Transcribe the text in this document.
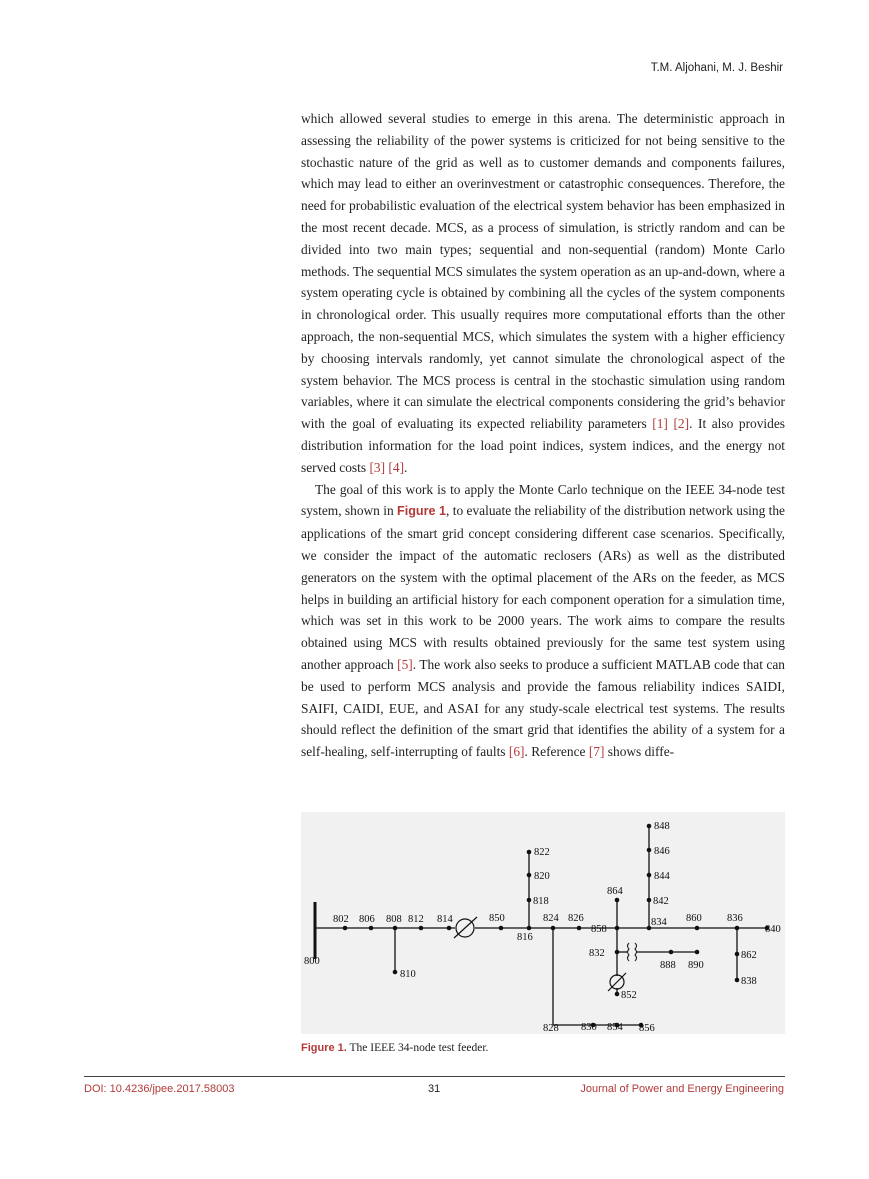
T.M. Aljohani, M. J. Beshir

which allowed several studies to emerge in this arena. The deterministic approach in assessing the reliability of the power systems is criticized for not being sensitive to the stochastic nature of the grid as well as to customer demands and components failures, which may lead to either an overinvestment or catastrophic consequences. Therefore, the need for probabilistic evaluation of the electrical system behavior has been emphasized in the most recent decade. MCS, as a process of simulation, is strictly random and can be divided into two main types; sequential and non-sequential (random) Monte Carlo methods. The sequential MCS simulates the system operation as an up-and-down, where a system operating cycle is obtained by combining all the cycles of the system components in chronological order. This usually requires more computational efforts than the other approach, the non-sequential MCS, which simulates the system with a higher efficiency by choosing intervals randomly, yet cannot simulate the chronological aspect of the system behavior. The MCS process is central in the stochastic simulation using random variables, where it can simulate the electrical components considering the grid’s behavior with the goal of evaluating its expected reliability parameters [1] [2]. It also provides distribution information for the load point indices, system indices, and the energy not served costs [3] [4].

The goal of this work is to apply the Monte Carlo technique on the IEEE 34-node test system, shown in Figure 1, to evaluate the reliability of the distribution network using the applications of the smart grid concept considering different case scenarios. Specifically, we consider the impact of the automatic reclosers (ARs) as well as the distributed generators on the system with the optimal placement of the ARs on the feeder, as MCS helps in building an artificial history for each component operation for a simulation time, which was set in this work to be 2000 years. The work aims to compare the results obtained using MCS with results obtained previously for the same test system using another approach [5]. The work also seeks to produce a sufficient MATLAB code that can be used to perform MCS analysis and provide the famous reliability indices SAIDI, SAIFI, CAIDI, EUE, and ASAI for any study-scale electrical test systems. The results should reflect the definition of the smart grid that identifies the ability of a system for a self-healing, self-interrupting of faults [6]. Reference [7] shows diffe-

800
802 806 808
810
812 814	850
816
818
820
822
824 826
828 830 854 856
858
864
832
852
888 890
834
842
844
846
848
860 836
840
862
838
Figure 1. The IEEE 34-node test feeder.
DOI: 10.4236/jpee.2017.58003	31	Journal of Power and Energy Engineering
